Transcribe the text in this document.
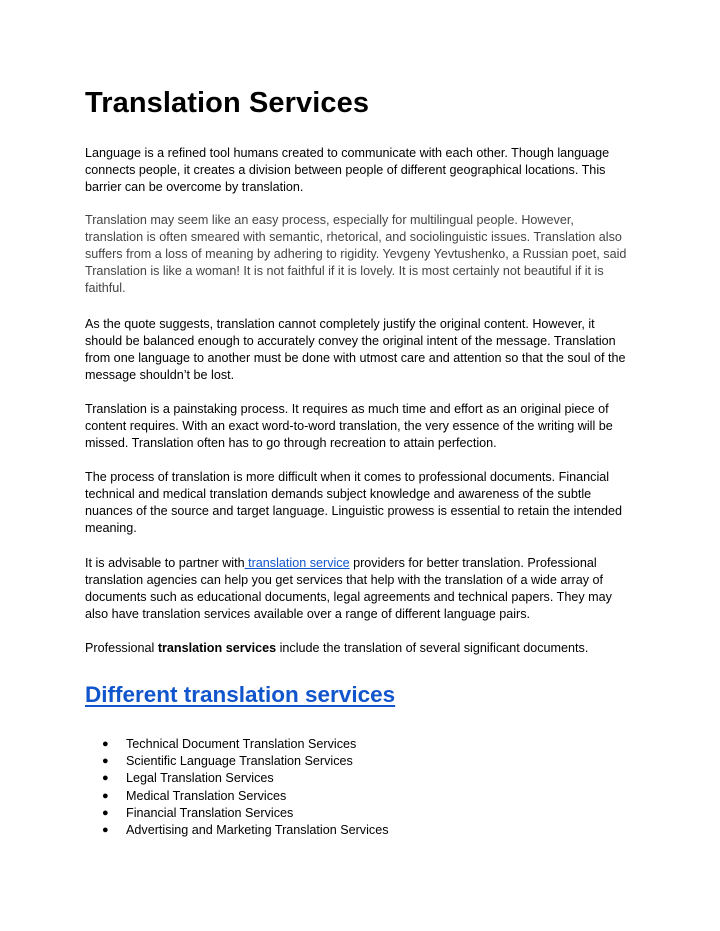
Translation Services

Language is a refined tool humans created to communicate with each other. Though language connects people, it creates a division between people of different geographical locations. This barrier can be overcome by translation.

Translation may seem like an easy process, especially for multilingual people. However, translation is often smeared with semantic, rhetorical, and sociolinguistic issues. Translation also suffers from a loss of meaning by adhering to rigidity. Yevgeny Yevtushenko, a Russian poet, said Translation is like a woman! It is not faithful if it is lovely. It is most certainly not beautiful if it is faithful.

As the quote suggests, translation cannot completely justify the original content. However, it should be balanced enough to accurately convey the original intent of the message. Translation from one language to another must be done with utmost care and attention so that the soul of the message shouldn’t be lost.

Translation is a painstaking process. It requires as much time and effort as an original piece of content requires. With an exact word-to-word translation, the very essence of the writing will be missed. Translation often has to go through recreation to attain perfection.

The process of translation is more difficult when it comes to professional documents. Financial technical and medical translation demands subject knowledge and awareness of the subtle nuances of the source and target language. Linguistic prowess is essential to retain the intended meaning.

It is advisable to partner with translation service providers for better translation. Professional translation agencies can help you get services that help with the translation of a wide array of documents such as educational documents, legal agreements and technical papers. They may also have translation services available over a range of different language pairs.

Professional translation services include the translation of several significant documents.

Different translation services
● Technical Document Translation Services
● Scientific Language Translation Services
● Legal Translation Services
● Medical Translation Services
● Financial Translation Services
● Advertising and Marketing Translation Services
